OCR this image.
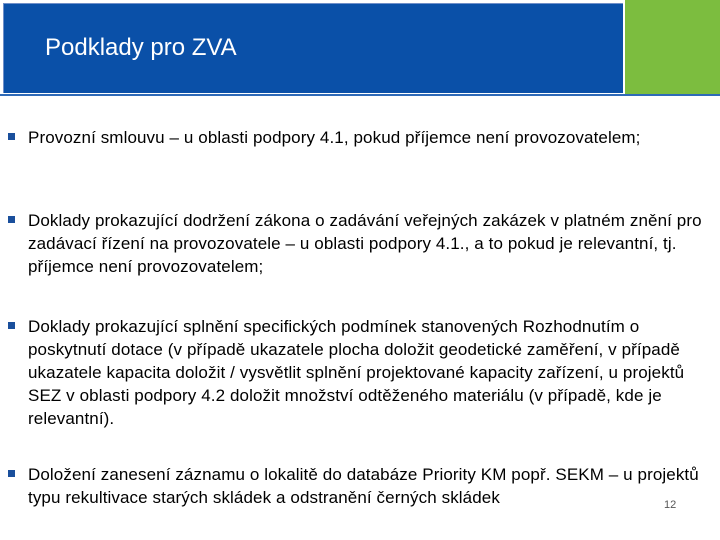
Podklady pro ZVA
Provozní smlouvu – u oblasti podpory 4.1, pokud příjemce není provozovatelem;
Doklady prokazující dodržení zákona o zadávání veřejných zakázek v platném znění pro zadávací řízení na provozovatele – u oblasti podpory 4.1., a to pokud je relevantní, tj. příjemce není provozovatelem;
Doklady prokazující splnění specifických podmínek stanovených Rozhodnutím o poskytnutí dotace (v případě ukazatele plocha doložit geodetické zaměření, v případě ukazatele kapacita doložit / vysvětlit splnění projektované kapacity zařízení, u projektů SEZ v oblasti podpory 4.2 doložit množství odtěženého materiálu (v případě, kde je relevantní).
Doložení zanesení záznamu o lokalitě do databáze Priority KM popř. SEKM – u projektů typu rekultivace starých skládek a odstranění černých skládek	12
